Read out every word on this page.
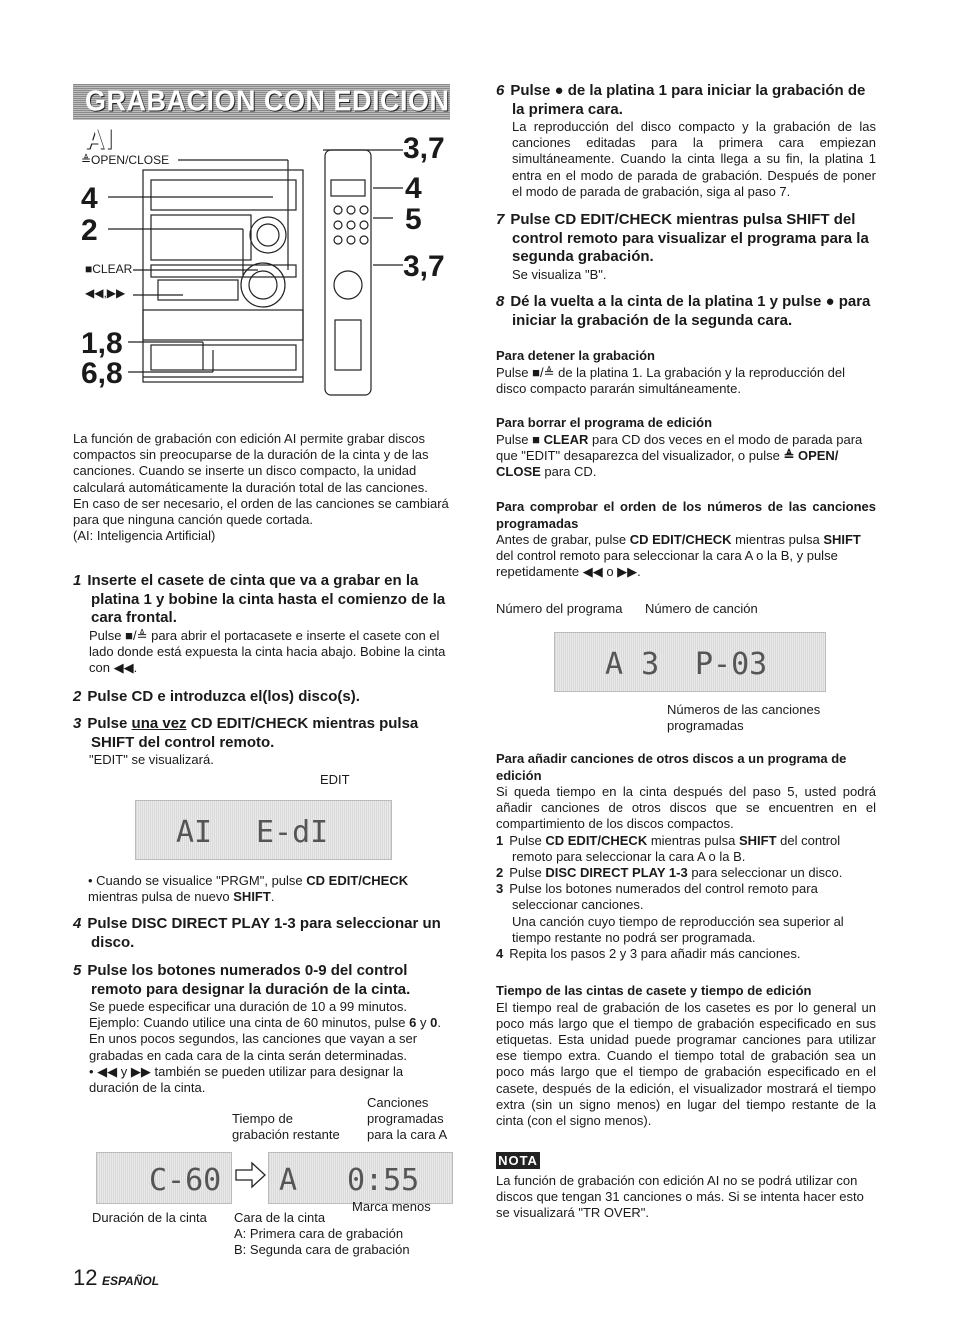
GRABACION CON EDICION AI
≜OPEN/CLOSE
■CLEAR
◀◀,▶▶
3,7
4
2
4
5
3,7
1,8
6,8
La función de grabación con edición AI permite grabar discos
compactos sin preocuparse de la duración de la cinta y de las
canciones. Cuando se inserte un disco compacto, la unidad
calculará automáticamente la duración total de las canciones.
En caso de ser necesario, el orden de las canciones se cambiará
para que ninguna canción quede cortada.
(AI: Inteligencia Artificial)
1 Inserte el casete de cinta que va a grabar en la platina 1 y bobine la cinta hasta el comienzo de la cara frontal.
Pulse ■/≜ para abrir el portacasete e inserte el casete con el lado donde está expuesta la cinta hacia abajo. Bobine la cinta con ◀◀.
2 Pulse CD e introduzca el(los) disco(s).
3 Pulse una vez CD EDIT/CHECK mientras pulsa SHIFT del control remoto.
"EDIT" se visualizará.
EDIT
AI E-dI
• Cuando se visualice "PRGM", pulse CD EDIT/CHECK mientras pulsa de nuevo SHIFT.
4 Pulse DISC DIRECT PLAY 1-3 para seleccionar un disco.
5 Pulse los botones numerados 0-9 del control remoto para designar la duración de la cinta.
Se puede especificar una duración de 10 a 99 minutos.
Ejemplo: Cuando utilice una cinta de 60 minutos, pulse 6 y 0.
En unos pocos segundos, las canciones que vayan a ser grabadas en cada cara de la cinta serán determinadas.
• ◀◀ y ▶▶ también se pueden utilizar para designar la duración de la cinta.
Tiempo de grabación restante
Canciones programadas para la cara A
C-60 A 0:55
Duración de la cinta Cara de la cinta
Marca menos
A: Primera cara de grabación
B: Segunda cara de grabación
12 ESPAÑOL
6 Pulse ● de la platina 1 para iniciar la grabación de la primera cara.
La reproducción del disco compacto y la grabación de las canciones editadas para la primera cara empiezan simultáneamente. Cuando la cinta llega a su fin, la platina 1 entra en el modo de parada de grabación. Después de poner el modo de parada de grabación, siga al paso 7.
7 Pulse CD EDIT/CHECK mientras pulsa SHIFT del control remoto para visualizar el programa para la segunda grabación.
Se visualiza "B".
8 Dé la vuelta a la cinta de la platina 1 y pulse ● para iniciar la grabación de la segunda cara.
Para detener la grabación
Pulse ■/≜ de la platina 1. La grabación y la reproducción del disco compacto pararán simultáneamente.
Para borrar el programa de edición
Pulse ■ CLEAR para CD dos veces en el modo de parada para que "EDIT" desaparezca del visualizador, o pulse ≜ OPEN/ CLOSE para CD.
Para comprobar el orden de los números de las canciones programadas
Antes de grabar, pulse CD EDIT/CHECK mientras pulsa SHIFT del control remoto para seleccionar la cara A o la B, y pulse repetidamente ◀◀ o ▶▶.
Número del programa Número de canción
A 3 P-03
Números de las canciones programadas
Para añadir canciones de otros discos a un programa de edición
Si queda tiempo en la cinta después del paso 5, usted podrá añadir canciones de otros discos que se encuentren en el compartimiento de los discos compactos.
1 Pulse CD EDIT/CHECK mientras pulsa SHIFT del control remoto para seleccionar la cara A o la B.
2 Pulse DISC DIRECT PLAY 1-3 para seleccionar un disco.
3 Pulse los botones numerados del control remoto para seleccionar canciones.
Una canción cuyo tiempo de reproducción sea superior al tiempo restante no podrá ser programada.
4 Repita los pasos 2 y 3 para añadir más canciones.
Tiempo de las cintas de casete y tiempo de edición
El tiempo real de grabación de los casetes es por lo general un poco más largo que el tiempo de grabación especificado en sus etiquetas. Esta unidad puede programar canciones para utilizar ese tiempo extra. Cuando el tiempo total de grabación sea un poco más largo que el tiempo de grabación especificado en el casete, después de la edición, el visualizador mostrará el tiempo extra (sin un signo menos) en lugar del tiempo restante de la cinta (con el signo menos).
NOTA
La función de grabación con edición AI no se podrá utilizar con discos que tengan 31 canciones o más. Si se intenta hacer esto se visualizará "TR OVER".
